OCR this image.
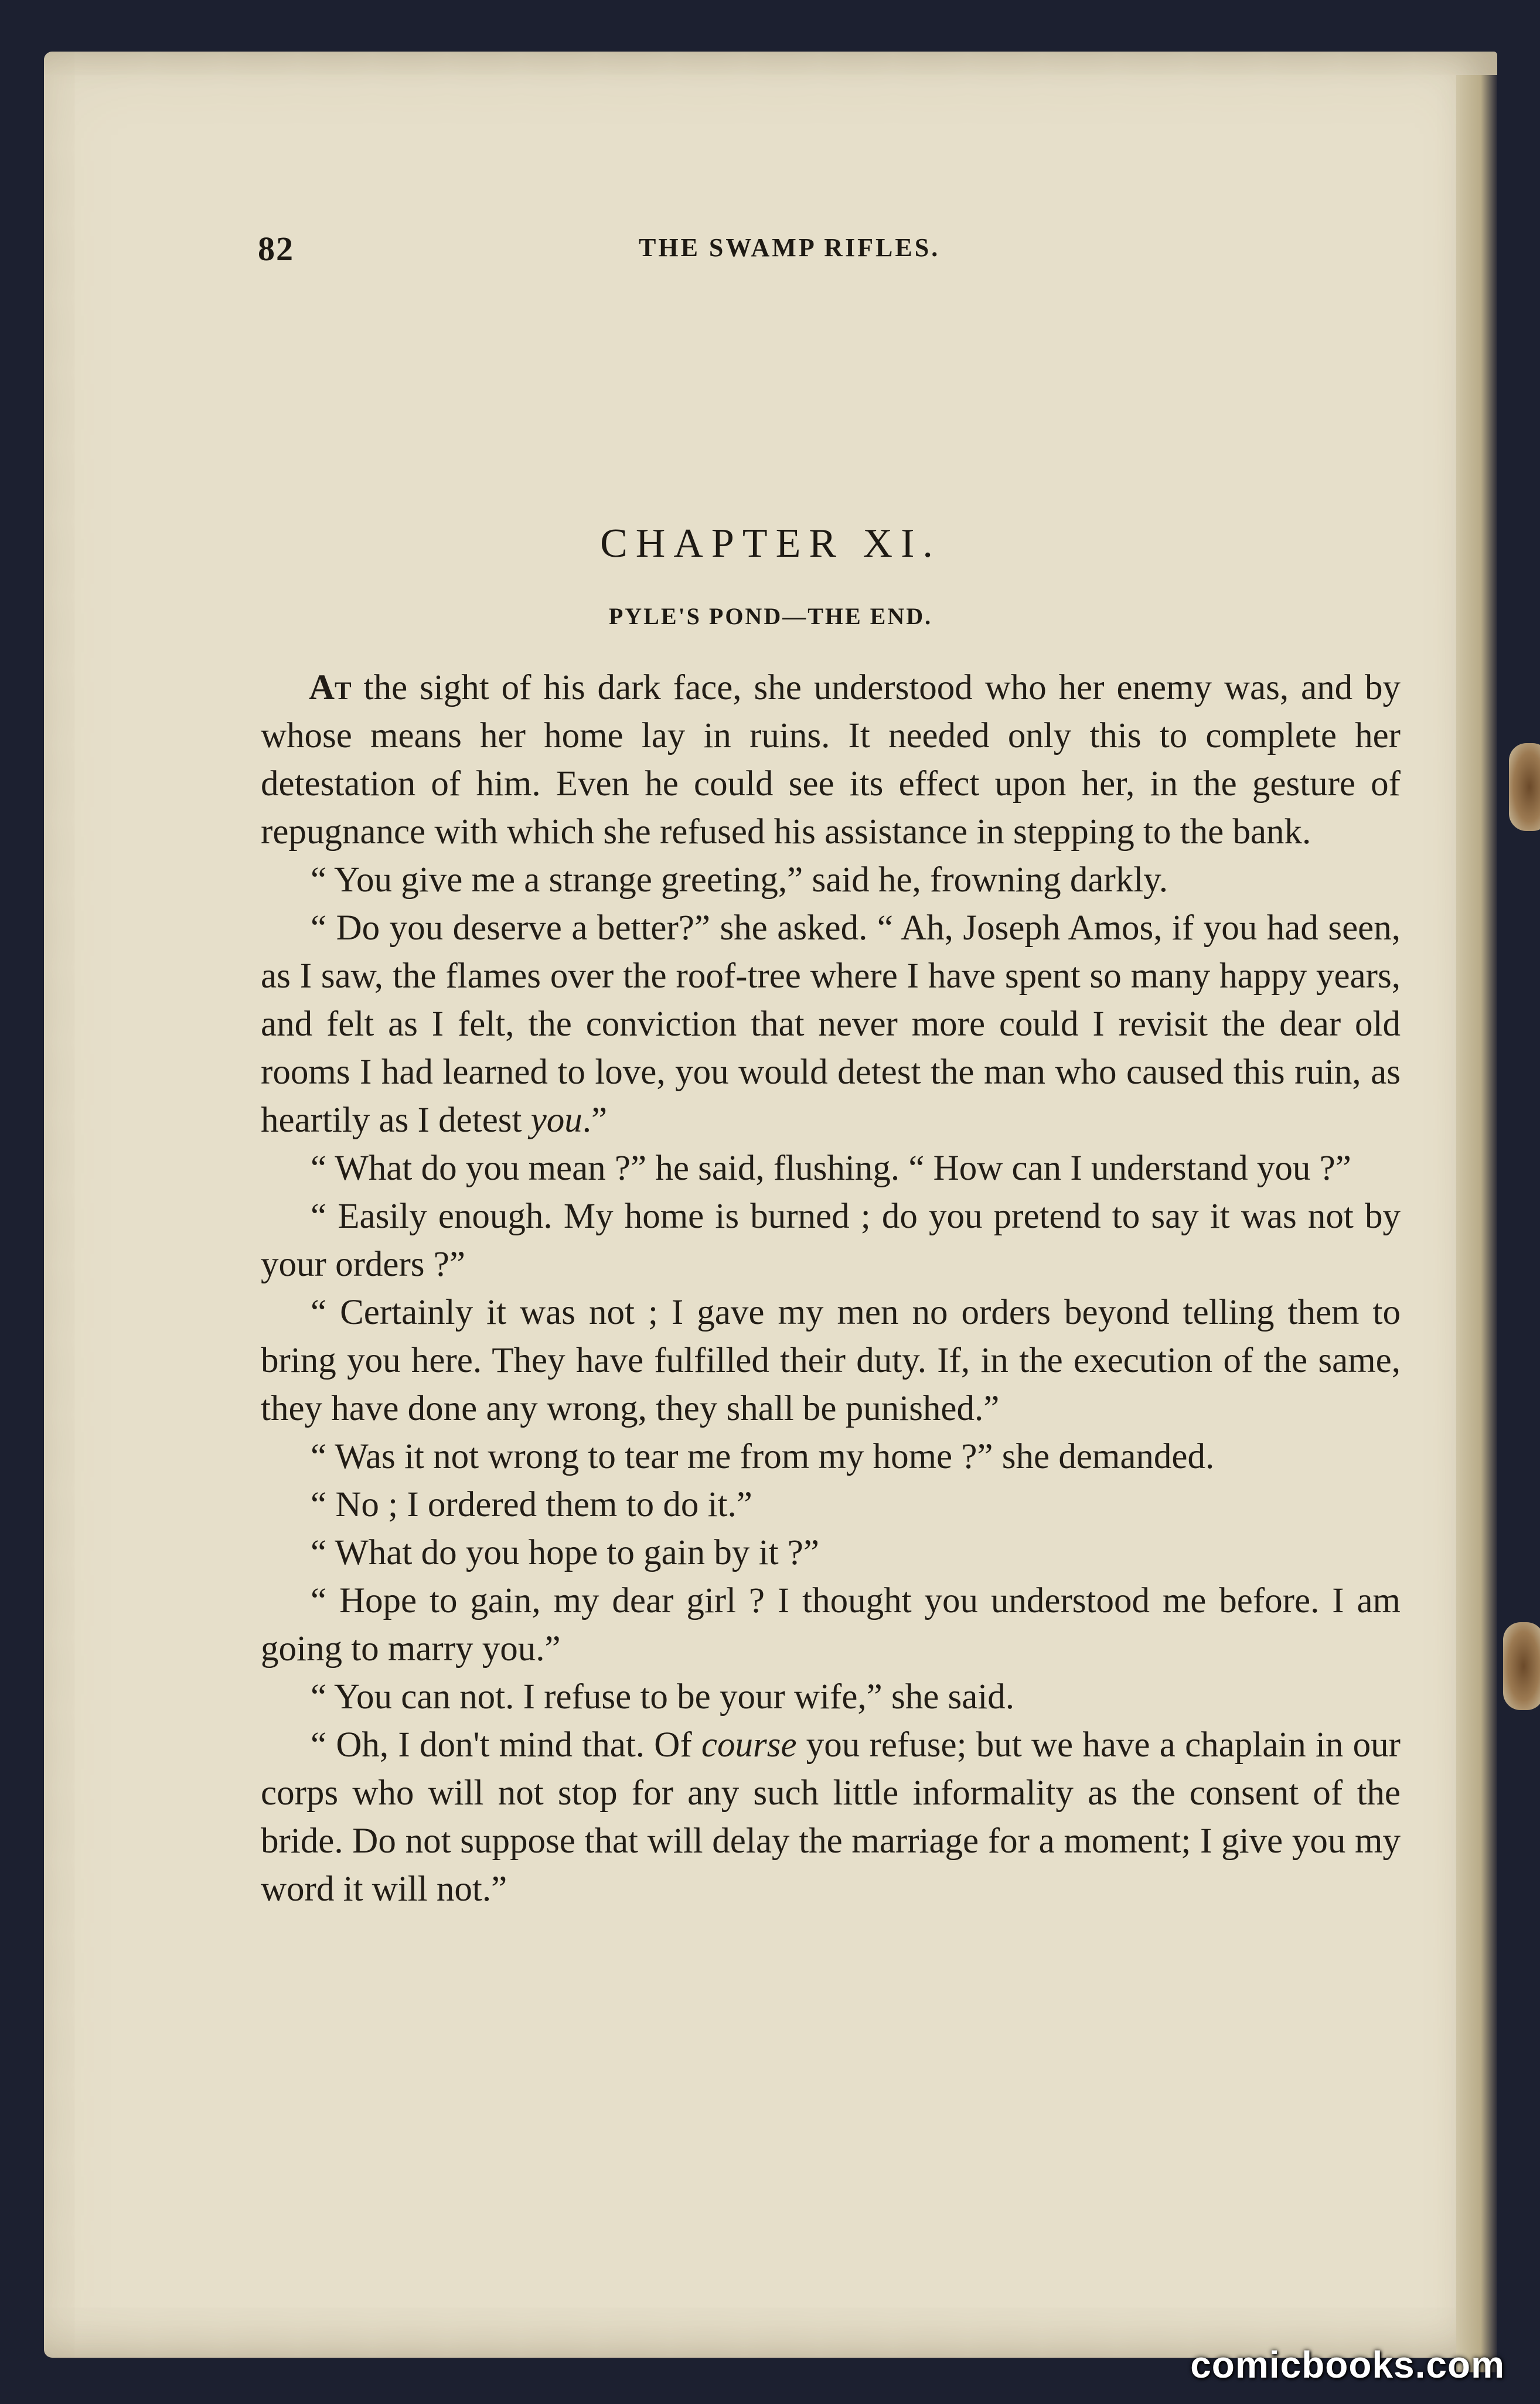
82	THE SWAMP RIFLES.
CHAPTER XI.
PYLE'S POND—THE END.

At the sight of his dark face, she understood who her enemy was, and by whose means her home lay in ruins. It needed only this to complete her detestation of him. Even he could see its effect upon her, in the gesture of repugnance with which she refused his assistance in stepping to the bank.

“ You give me a strange greeting,” said he, frowning darkly.

“ Do you deserve a better?” she asked. “ Ah, Joseph Amos, if you had seen, as I saw, the flames over the roof-tree where I have spent so many happy years, and felt as I felt, the conviction that never more could I revisit the dear old rooms I had learned to love, you would detest the man who caused this ruin, as heartily as I detest you.”

“ What do you mean ?” he said, flushing. “ How can I understand you ?”

“ Easily enough. My home is burned ; do you pretend to say it was not by your orders ?”

“ Certainly it was not ; I gave my men no orders beyond telling them to bring you here. They have fulfilled their duty. If, in the execution of the same, they have done any wrong, they shall be punished.”

“ Was it not wrong to tear me from my home ?” she demanded.

“ No ; I ordered them to do it.”

“ What do you hope to gain by it ?”

“ Hope to gain, my dear girl ? I thought you understood me before. I am going to marry you.”

“ You can not. I refuse to be your wife,” she said.

“ Oh, I don't mind that. Of course you refuse; but we have a chaplain in our corps who will not stop for any such little informality as the consent of the bride. Do not suppose that will delay the marriage for a moment; I give you my word it will not.”

comicbooks.com
